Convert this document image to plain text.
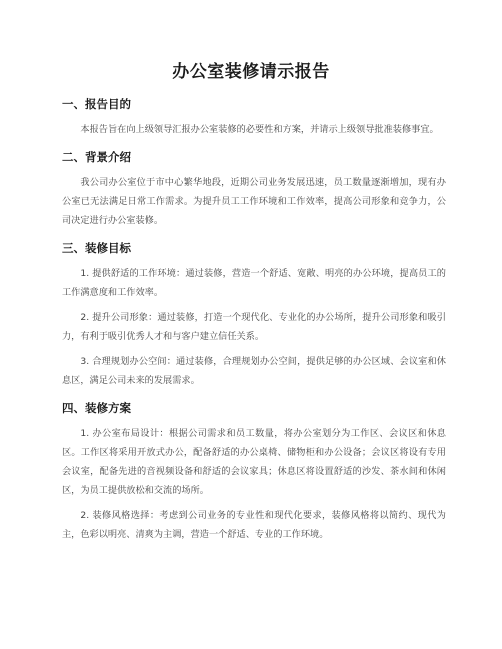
办公室装修请示报告
一、报告目的

本报告旨在向上级领导汇报办公室装修的必要性和方案，并请示上级领导批准装修事宜。

二、背景介绍

我公司办公室位于市中心繁华地段，近期公司业务发展迅速，员工数量逐渐增加，现有办公室已无法满足日常工作需求。为提升员工工作环境和工作效率，提高公司形象和竞争力，公司决定进行办公室装修。

三、装修目标

1. 提供舒适的工作环境：通过装修，营造一个舒适、宽敞、明亮的办公环境，提高员工的工作满意度和工作效率。

2. 提升公司形象：通过装修，打造一个现代化、专业化的办公场所，提升公司形象和吸引力，有利于吸引优秀人才和与客户建立信任关系。

3. 合理规划办公空间：通过装修，合理规划办公空间，提供足够的办公区域、会议室和休息区，满足公司未来的发展需求。

四、装修方案

1. 办公室布局设计：根据公司需求和员工数量，将办公室划分为工作区、会议区和休息区。工作区将采用开放式办公，配备舒适的办公桌椅、储物柜和办公设备；会议区将设有专用会议室，配备先进的音视频设备和舒适的会议家具；休息区将设置舒适的沙发、茶水间和休闲区，为员工提供放松和交流的场所。

2. 装修风格选择：考虑到公司业务的专业性和现代化要求，装修风格将以简约、现代为主，色彩以明亮、清爽为主调，营造一个舒适、专业的工作环境。
